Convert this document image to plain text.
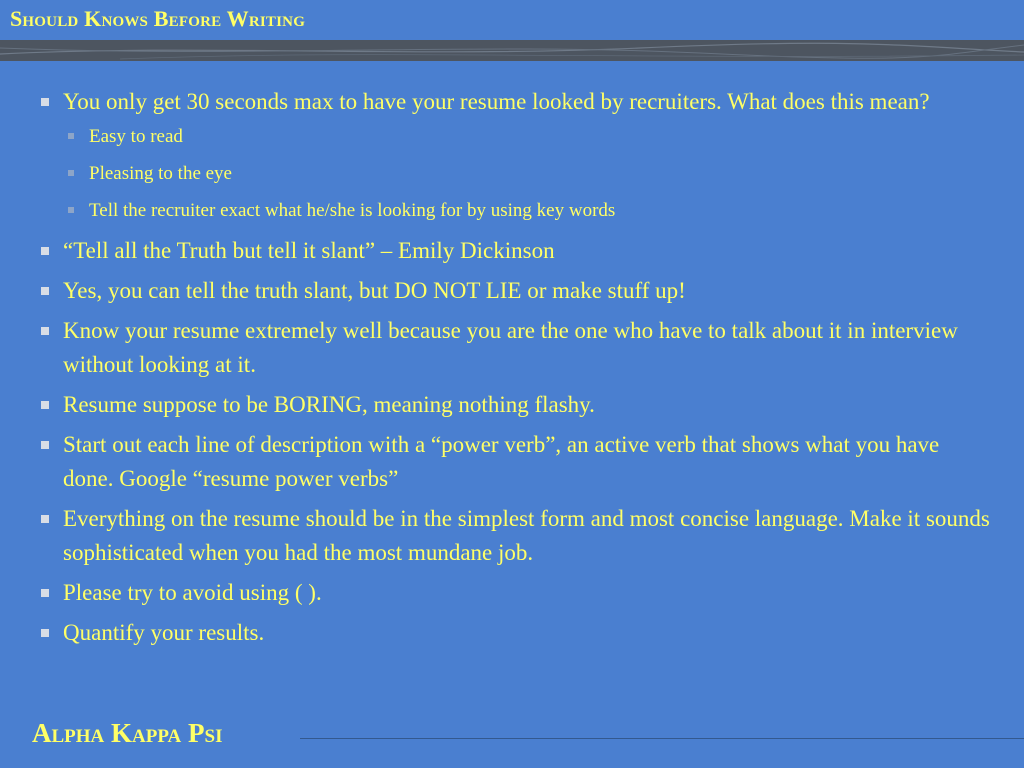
Should Knows Before Writing
You only get 30 seconds max to have your resume looked by recruiters. What does this mean?
Easy to read
Pleasing to the eye
Tell the recruiter exact what he/she is looking for by using key words
“Tell all the Truth but tell it slant” – Emily Dickinson
Yes, you can tell the truth slant, but DO NOT LIE or make stuff up!
Know your resume extremely well because you are the one who have to talk about it in interview without looking at it.
Resume suppose to be BORING, meaning nothing flashy.
Start out each line of description with a “power verb”, an active verb that shows what you have done. Google “resume power verbs”
Everything on the resume should be in the simplest form and most concise language. Make it sounds sophisticated when you had the most mundane job.
Please try to avoid using ( ).
Quantify your results.
Alpha Kappa Psi
